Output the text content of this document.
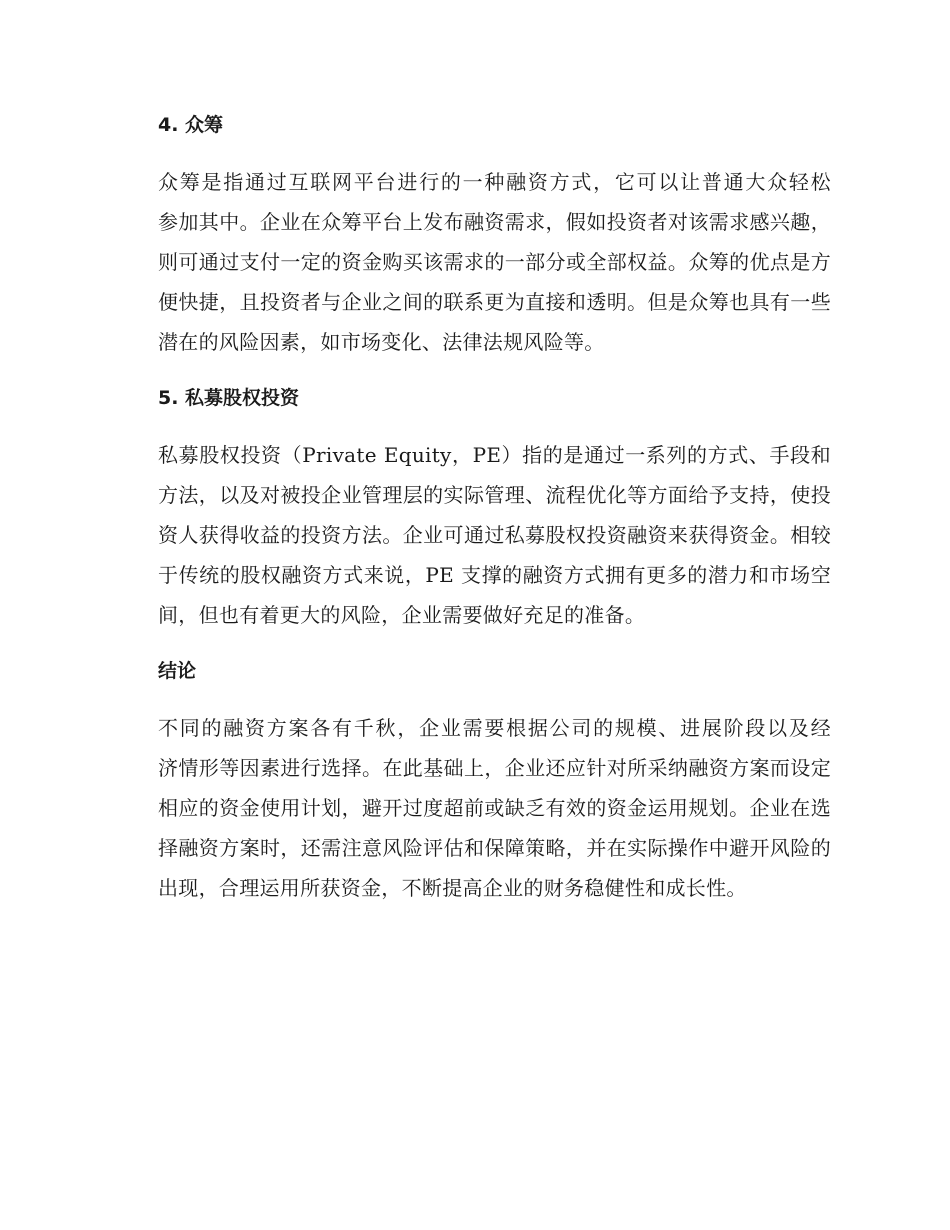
4. 众筹
众筹是指通过互联网平台进行的一种融资方式，它可以让普通大众轻松
参加其中。企业在众筹平台上发布融资需求，假如投资者对该需求感兴趣，
则可通过支付一定的资金购买该需求的一部分或全部权益。众筹的优点是方
便快捷，且投资者与企业之间的联系更为直接和透明。但是众筹也具有一些
潜在的风险因素，如市场变化、法律法规风险等。
5. 私募股权投资
私募股权投资（Private Equity，PE）指的是通过一系列的方式、手段和
方法，以及对被投企业管理层的实际管理、流程优化等方面给予支持，使投
资人获得收益的投资方法。企业可通过私募股权投资融资来获得资金。相较
于传统的股权融资方式来说，PE 支撑的融资方式拥有更多的潜力和市场空
间，但也有着更大的风险，企业需要做好充足的准备。
结论
不同的融资方案各有千秋，企业需要根据公司的规模、进展阶段以及经
济情形等因素进行选择。在此基础上，企业还应针对所采纳融资方案而设定
相应的资金使用计划，避开过度超前或缺乏有效的资金运用规划。企业在选
择融资方案时，还需注意风险评估和保障策略，并在实际操作中避开风险的
出现，合理运用所获资金，不断提高企业的财务稳健性和成长性。
